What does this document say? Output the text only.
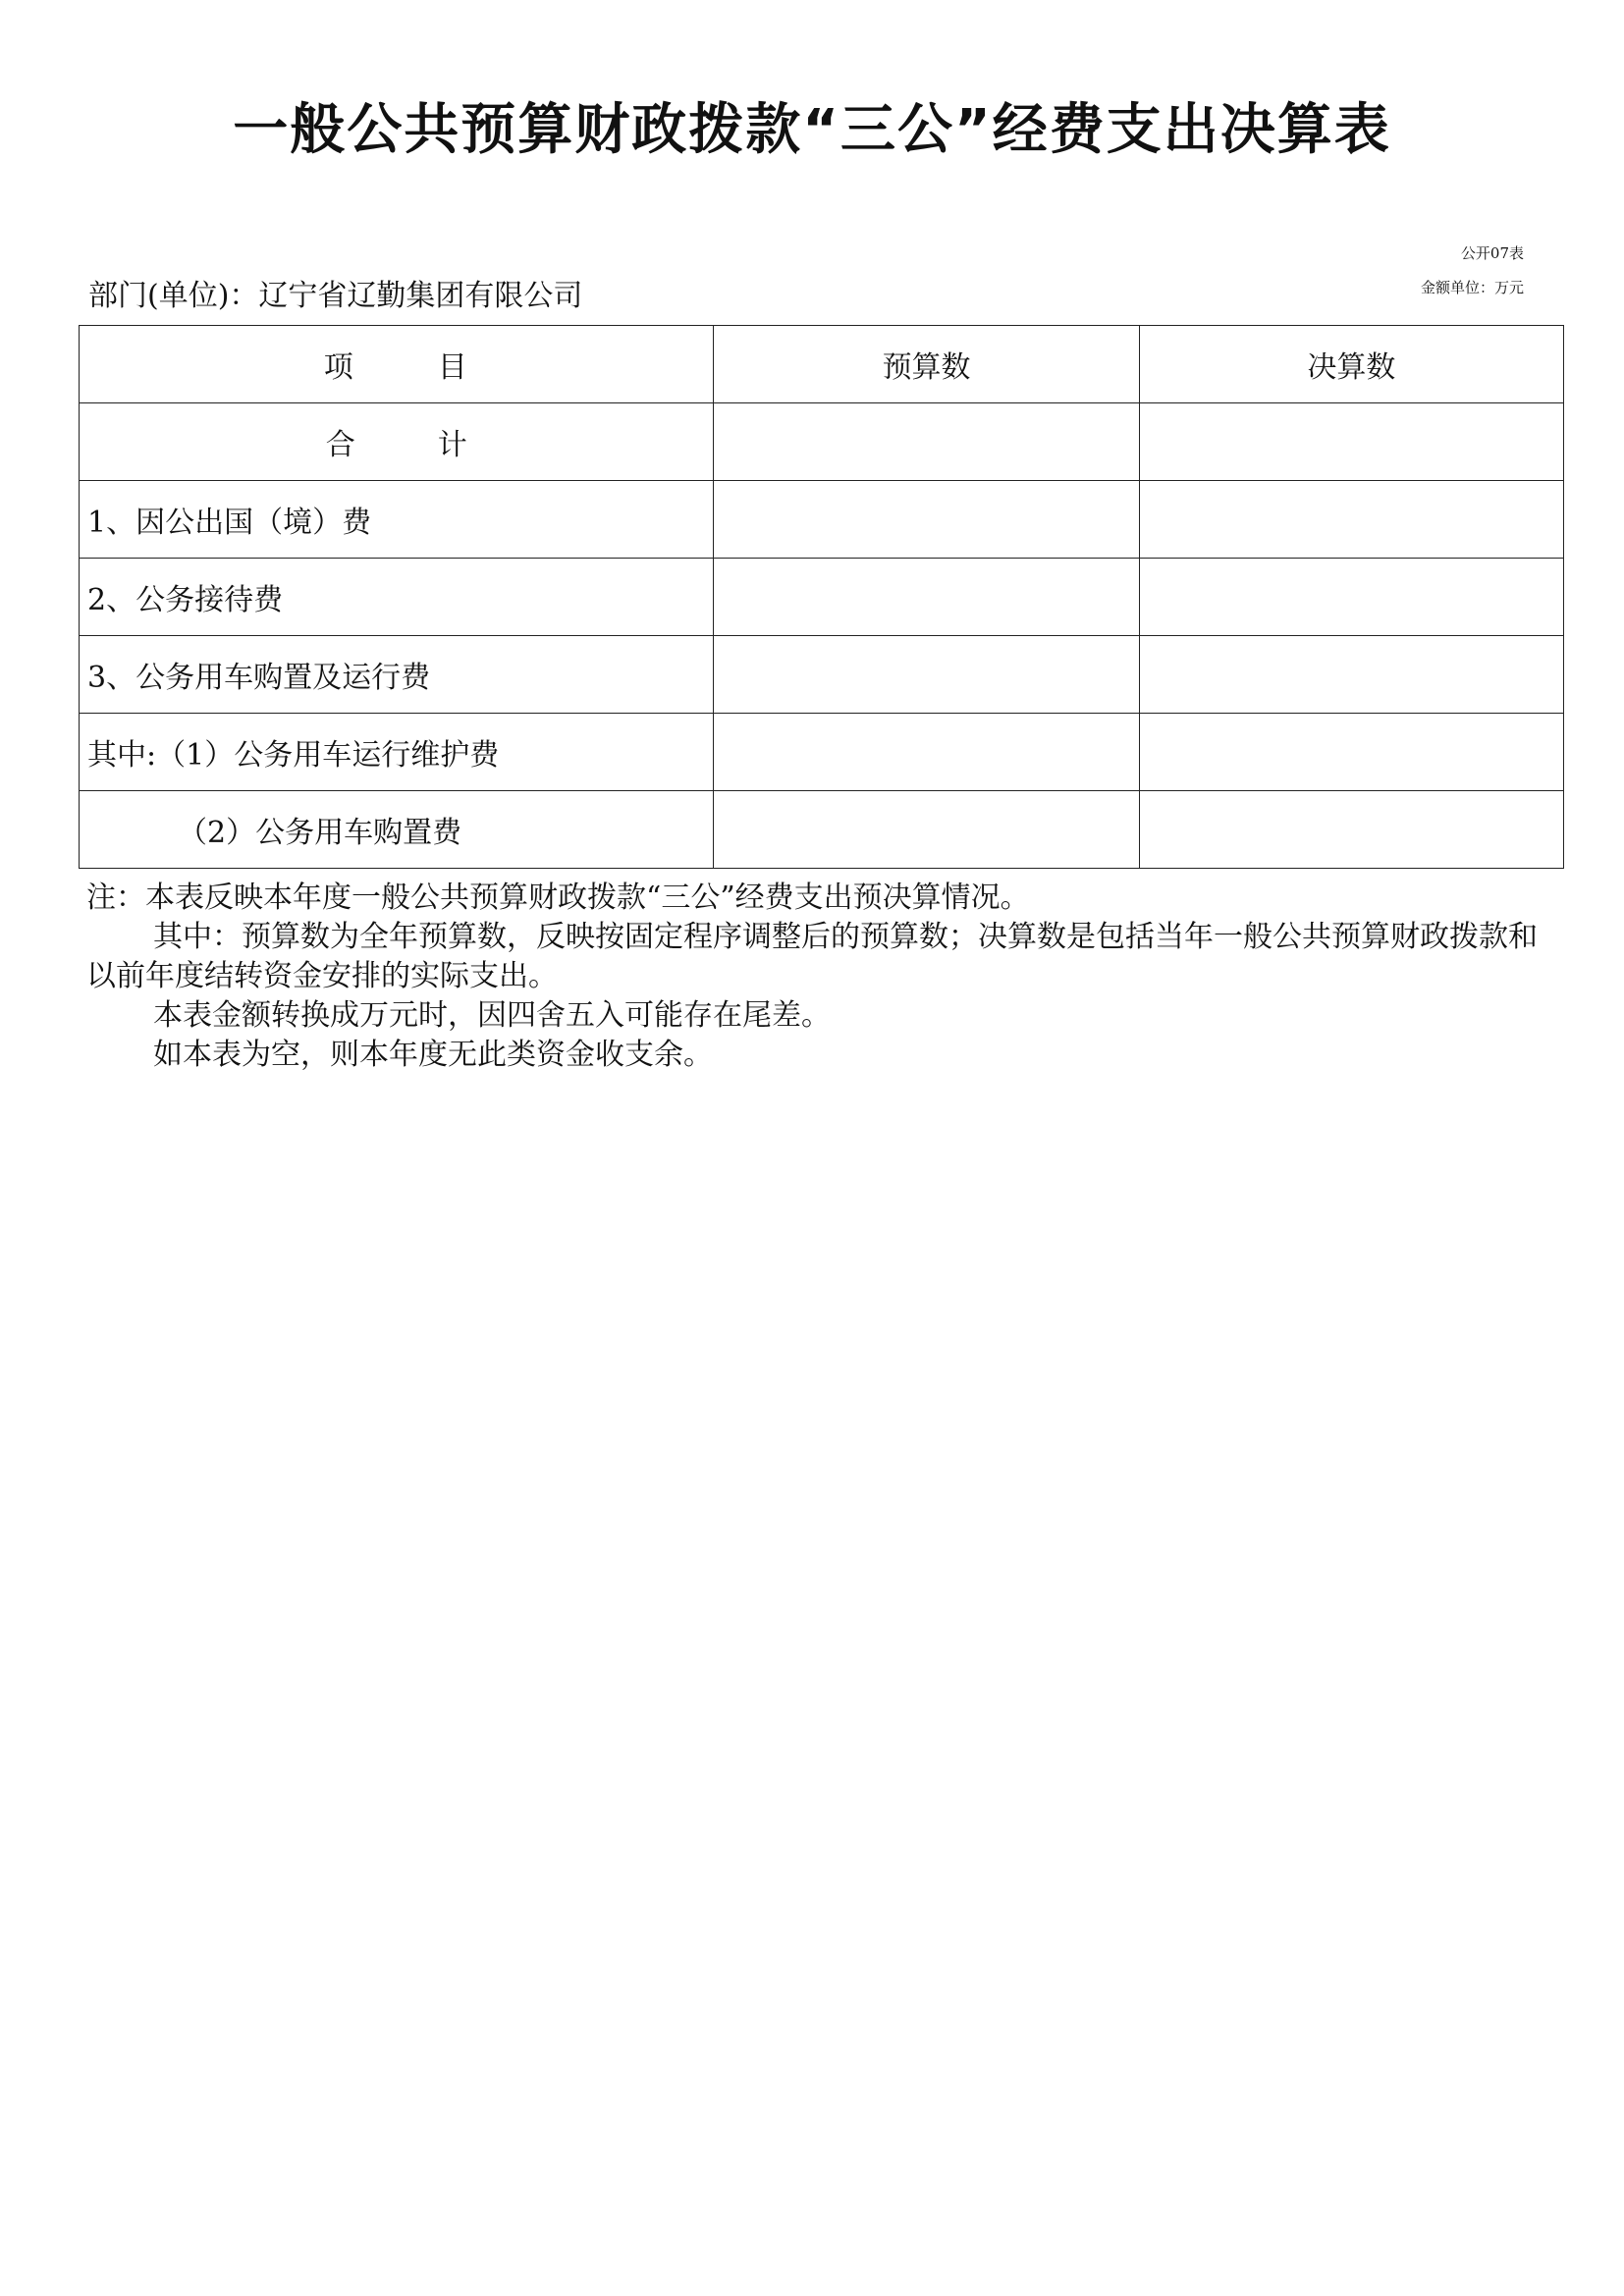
一般公共预算财政拨款“三公”经费支出决算表
公开07表
金额单位：万元
部门(单位)：辽宁省辽勤集团有限公司
项 目	预算数	决算数
合 计		
1、因公出国（境）费		
2、公务接待费		
3、公务用车购置及运行费		
其中:（1）公务用车运行维护费		
（2）公务用车购置费		

注：本表反映本年度一般公共预算财政拨款“三公”经费支出预决算情况。

其中：预算数为全年预算数，反映按固定程序调整后的预算数；决算数是包括当年一般公共预算财政拨款和以前年度结转资金安排的实际支出。

本表金额转换成万元时，因四舍五入可能存在尾差。

如本表为空，则本年度无此类资金收支余。
